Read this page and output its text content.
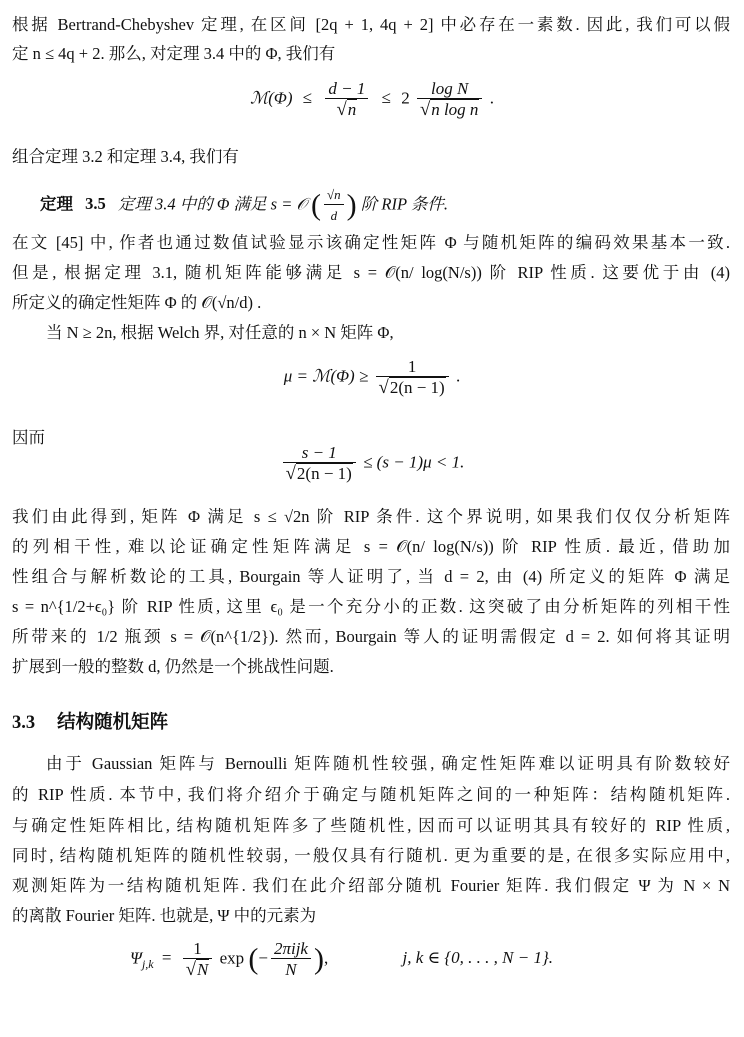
根据 Bertrand-Chebyshev 定理, 在区间 [2q + 1, 4q + 2] 中必存在一素数. 因此, 我们可以假
定 n ≤ 4q + 2. 那么, 对定理 3.4 中的 Φ, 我们有
ℳ(Φ) ≤ $\frac{d - 1}{√n} \le 2 \frac{\text{log N}}{\text{√n log n}}$ .
组合定理 3.2 和定理 3.4, 我们有
定理 3.5 定理 3.4 中的 Φ 满足 s = 𝒪 ( $\frac{√n}{d}$ ) 阶 RIP 条件.
在文 [45] 中, 作者也通过数值试验显示该确定性矩阵 Φ 与随机矩阵的编码效果基本一致.
但是, 根据定理 3.1, 随机矩阵能够满足 s = 𝒪(n/ log(N/s)) 阶 RIP 性质. 这要优于由 (4)
所定义的确定性矩阵 Φ 的 𝒪(√n/d) .
当 N ≥ 2n, 根据 Welch 界, 对任意的 n × N 矩阵 Φ,
μ = ℳ(Φ) ≥ $\frac{1}{√2(n - 1)}$ .
因而
$\frac{s - 1}{√2(n - 1)} \le (s - 1)\mu < 1$.
我们由此得到, 矩阵 Φ 满足 s ≤ √2n 阶 RIP 条件. 这个界说明, 如果我们仅仅分析矩阵
的列相干性, 难以论证确定性矩阵满足 s = 𝒪(n/ log(N/s)) 阶 RIP 性质. 最近, 借助加
性组合与解析数论的工具, Bourgain 等人证明了, 当 d = 2, 由 (4) 所定义的矩阵 Φ 满足
s = n^{1/2+ϵ₀} 阶 RIP 性质, 这里 ϵ₀ 是一个充分小的正数. 这突破了由分析矩阵的列相干性
所带来的 1/2 瓶颈 s = 𝒪(n^{1/2}). 然而, Bourgain 等人的证明需假定 d = 2. 如何将其证明
扩展到一般的整数 d, 仍然是一个挑战性问题.
3.3 结构随机矩阵
由于 Gaussian 矩阵与 Bernoulli 矩阵随机性较强, 确定性矩阵难以证明具有阶数较好
的 RIP 性质. 本节中, 我们将介绍介于确定与随机矩阵之间的一种矩阵：结构随机矩阵.
与确定性矩阵相比, 结构随机矩阵多了些随机性, 因而可以证明其具有较好的 RIP 性质,
同时, 结构随机矩阵的随机性较弱, 一般仅具有行随机. 更为重要的是, 在很多实际应用中,
观测矩阵为一结构随机矩阵. 我们在此介绍部分随机 Fourier 矩阵. 我们假定 Ψ 为 N × N
的离散 Fourier 矩阵. 也就是, Ψ 中的元素为
$\Psi_{j,k} = \frac{1}{√N}$ exp (− $\frac{\text{2πijk}}{N}$ ),	j, k ∈ {0, . . . , N − 1}.
